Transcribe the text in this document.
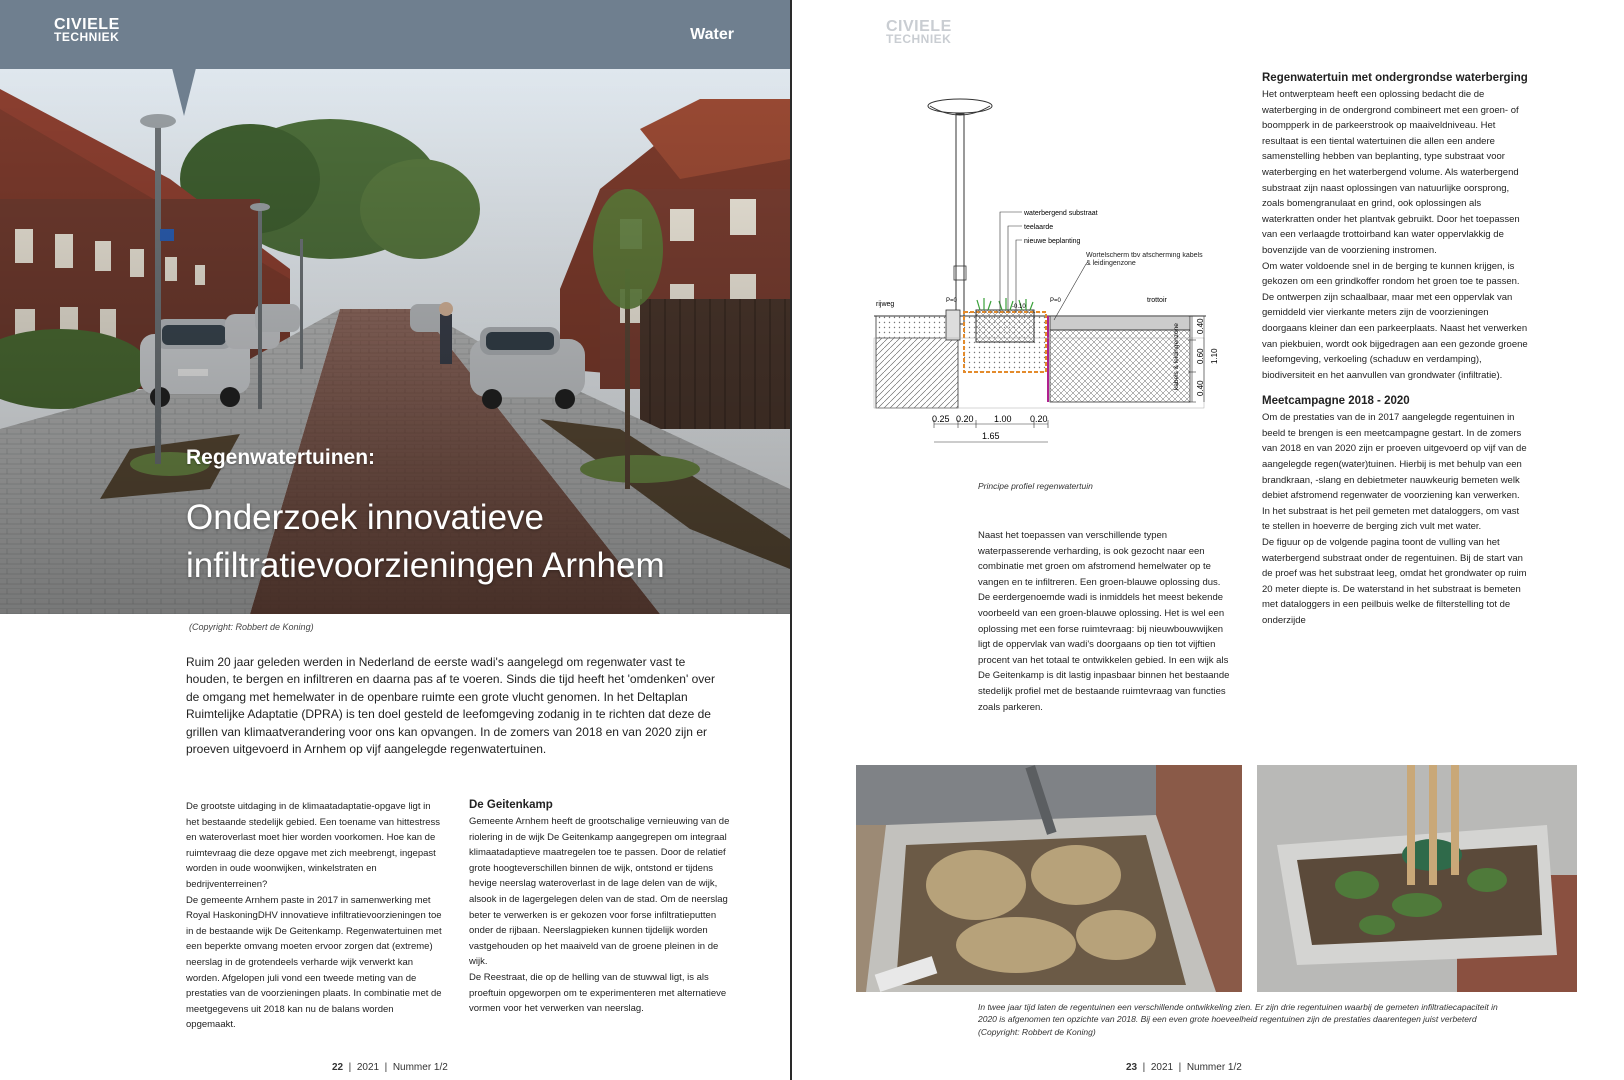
CIVIELE
TECHNIEK	Water
Regenwatertuinen:
Onderzoek innovatieve
infiltratievoorzieningen Arnhem
(Copyright: Robbert de Koning)

Ruim 20 jaar geleden werden in Nederland de eerste wadi's aangelegd om regenwater vast te houden, te bergen en infiltreren en daarna pas af te voeren. Sinds die tijd heeft het 'omdenken' over de omgang met hemelwater in de openbare ruimte een grote vlucht genomen. In het Deltaplan Ruimtelijke Adaptatie (DPRA) is ten doel gesteld de leefomgeving zodanig in te richten dat deze de grillen van klimaatverandering voor ons kan opvangen. In de zomers van 2018 en van 2020 zijn er proeven uitgevoerd in Arnhem op vijf aangelegde regenwatertuinen.

De grootste uitdaging in de klimaatadaptatie-opgave ligt in het bestaande stedelijk gebied. Een toename van hittestress en wateroverlast moet hier worden voorkomen. Hoe kan de ruimtevraag die deze opgave met zich meebrengt, ingepast worden in oude woonwijken, winkelstraten en bedrijventerreinen?

De gemeente Arnhem paste in 2017 in samenwerking met Royal HaskoningDHV innovatieve infiltratievoorzieningen toe in de bestaande wijk De Geitenkamp. Regenwatertuinen met een beperkte omvang moeten ervoor zorgen dat (extreme) neerslag in de grotendeels verharde wijk verwerkt kan worden. Afgelopen juli vond een tweede meting van de prestaties van de voorzieningen plaats. In combinatie met de meetgegevens uit 2018 kan nu de balans worden opgemaakt.

De Geitenkamp

Gemeente Arnhem heeft de grootschalige vernieuwing van de riolering in de wijk De Geitenkamp aangegrepen om integraal klimaatadaptieve maatregelen toe te passen. Door de relatief grote hoogteverschillen binnen de wijk, ontstond er tijdens hevige neerslag wateroverlast in de lage delen van de wijk, alsook in de lagergelegen delen van de stad. Om de neerslag beter te verwerken is er gekozen voor forse infiltratieputten onder de rijbaan. Neerslagpieken kunnen tijdelijk worden vastgehouden op het maaiveld van de groene pleinen in de wijk.

De Reestraat, die op de helling van de stuwwal ligt, is als proeftuin opgeworpen om te experimenteren met alternatieve vormen voor het verwerken van neerslag.

22  |  2021  |  Nummer 1/2
CIVIELE
TECHNIEK
waterbergend substraat
teelaarde
nieuwe beplanting
Wortelscherm tbv afscherming kabels & leidingenzone
rijweg
trottoir
P=0	P=0
-0.10
0.40
0.60
0.40
1.10
kabels & leidingenzone
0.25 0.20 1.00 0.20
1.65
Principe profiel regenwatertuin

Naast het toepassen van verschillende typen waterpasserende verharding, is ook gezocht naar een combinatie met groen om afstromend hemelwater op te vangen en te infiltreren. Een groen-blauwe oplossing dus. De eerdergenoemde wadi is inmiddels het meest bekende voorbeeld van een groen-blauwe oplossing. Het is wel een oplossing met een forse ruimtevraag: bij nieuwbouwwijken ligt de oppervlak van wadi's doorgaans op tien tot vijftien procent van het totaal te ontwikkelen gebied. In een wijk als De Geitenkamp is dit lastig inpasbaar binnen het bestaande stedelijk profiel met de bestaande ruimtevraag van functies zoals parkeren.

Regenwatertuin met ondergrondse waterberging

Het ontwerpteam heeft een oplossing bedacht die de waterberging in de ondergrond combineert met een groen- of boompperk in de parkeerstrook op maaiveldniveau. Het resultaat is een tiental watertuinen die allen een andere samenstelling hebben van beplanting, type substraat voor waterberging en het waterbergend volume. Als waterbergend substraat zijn naast oplossingen van natuurlijke oorsprong, zoals bomengranulaat en grind, ook oplossingen als waterkratten onder het plantvak gebruikt. Door het toepassen van een verlaagde trottoirband kan water oppervlakkig de bovenzijde van de voorziening instromen.

Om water voldoende snel in de berging te kunnen krijgen, is gekozen om een grindkoffer rondom het groen toe te passen. De ontwerpen zijn schaalbaar, maar met een oppervlak van gemiddeld vier vierkante meters zijn de voorzieningen doorgaans kleiner dan een parkeerplaats. Naast het verwerken van piekbuien, wordt ook bijgedragen aan een gezonde groene leefomgeving, verkoeling (schaduw en verdamping), biodiversiteit en het aanvullen van grondwater (infiltratie).

Meetcampagne 2018 - 2020

Om de prestaties van de in 2017 aangelegde regentuinen in beeld te brengen is een meetcampagne gestart. In de zomers van 2018 en van 2020 zijn er proeven uitgevoerd op vijf van de aangelegde regen(water)tuinen. Hierbij is met behulp van een brandkraan, -slang en debietmeter nauwkeurig bemeten welk debiet afstromend regenwater de voorziening kan verwerken. In het substraat is het peil gemeten met dataloggers, om vast te stellen in hoeverre de berging zich vult met water.

De figuur op de volgende pagina toont de vulling van het waterbergend substraat onder de regentuinen. Bij de start van de proef was het substraat leeg, omdat het grondwater op ruim 20 meter diepte is. De waterstand in het substraat is bemeten met dataloggers in een peilbuis welke de filterstelling tot de onderzijde

In twee jaar tijd laten de regentuinen een verschillende ontwikkeling zien. Er zijn drie regentuinen waarbij de gemeten infiltratiecapaciteit in 2020 is afgenomen ten opzichte van 2018. Bij een even grote hoeveelheid regentuinen zijn de prestaties daarentegen juist verbeterd (Copyright: Robbert de Koning)
23  |  2021  |  Nummer 1/2
